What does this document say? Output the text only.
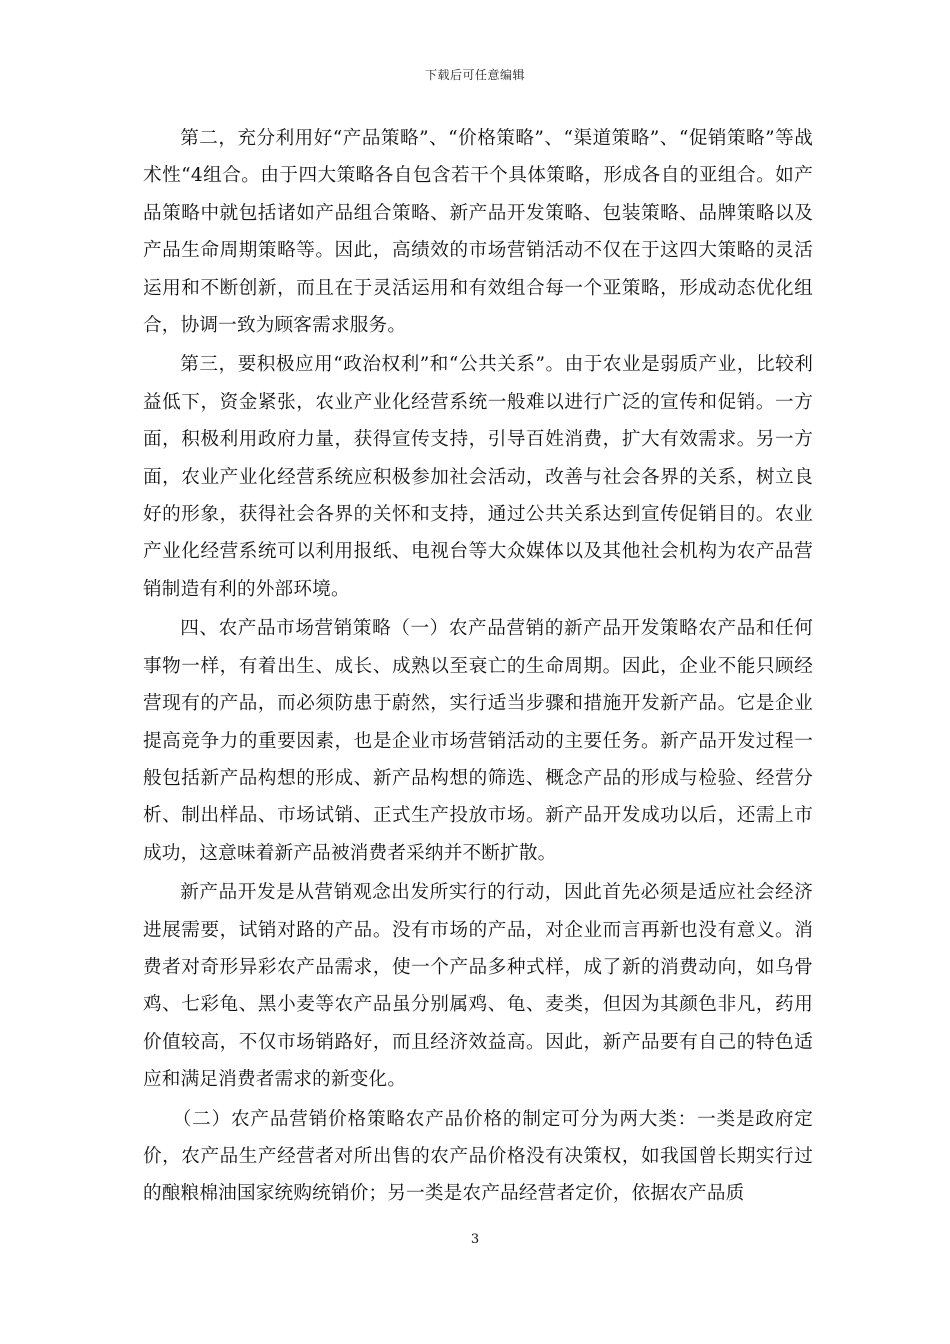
下载后可任意编辑

第二，充分利用好“产品策略”、“价格策略”、“渠道策略”、“促销策略”等战术性“4组合。由于四大策略各自包含若干个具体策略，形成各自的亚组合。如产品策略中就包括诸如产品组合策略、新产品开发策略、包装策略、品牌策略以及产品生命周期策略等。因此，高绩效的市场营销活动不仅在于这四大策略的灵活运用和不断创新，而且在于灵活运用和有效组合每一个亚策略，形成动态优化组合，协调一致为顾客需求服务。

第三，要积极应用“政治权利”和“公共关系”。由于农业是弱质产业，比较利益低下，资金紧张，农业产业化经营系统一般难以进行广泛的宣传和促销。一方面，积极利用政府力量，获得宣传支持，引导百姓消费，扩大有效需求。另一方面，农业产业化经营系统应积极参加社会活动，改善与社会各界的关系，树立良好的形象，获得社会各界的关怀和支持，通过公共关系达到宣传促销目的。农业产业化经营系统可以利用报纸、电视台等大众媒体以及其他社会机构为农产品营销制造有利的外部环境。

四、农产品市场营销策略（一）农产品营销的新产品开发策略农产品和任何事物一样，有着出生、成长、成熟以至衰亡的生命周期。因此，企业不能只顾经营现有的产品，而必须防患于蔚然，实行适当步骤和措施开发新产品。它是企业提高竞争力的重要因素，也是企业市场营销活动的主要任务。新产品开发过程一般包括新产品构想的形成、新产品构想的筛选、概念产品的形成与检验、经营分析、制出样品、市场试销、正式生产投放市场。新产品开发成功以后，还需上市成功，这意味着新产品被消费者采纳并不断扩散。

新产品开发是从营销观念出发所实行的行动，因此首先必须是适应社会经济进展需要，试销对路的产品。没有市场的产品，对企业而言再新也没有意义。消费者对奇形异彩农产品需求，使一个产品多种式样，成了新的消费动向，如乌骨鸡、七彩龟、黑小麦等农产品虽分别属鸡、龟、麦类，但因为其颜色非凡，药用价值较高，不仅市场销路好，而且经济效益高。因此，新产品要有自己的特色适应和满足消费者需求的新变化。

（二）农产品营销价格策略农产品价格的制定可分为两大类：一类是政府定价，农产品生产经营者对所出售的农产品价格没有决策权，如我国曾长期实行过的酿粮棉油国家统购统销价；另一类是农产品经营者定价，依据农产品质

3
